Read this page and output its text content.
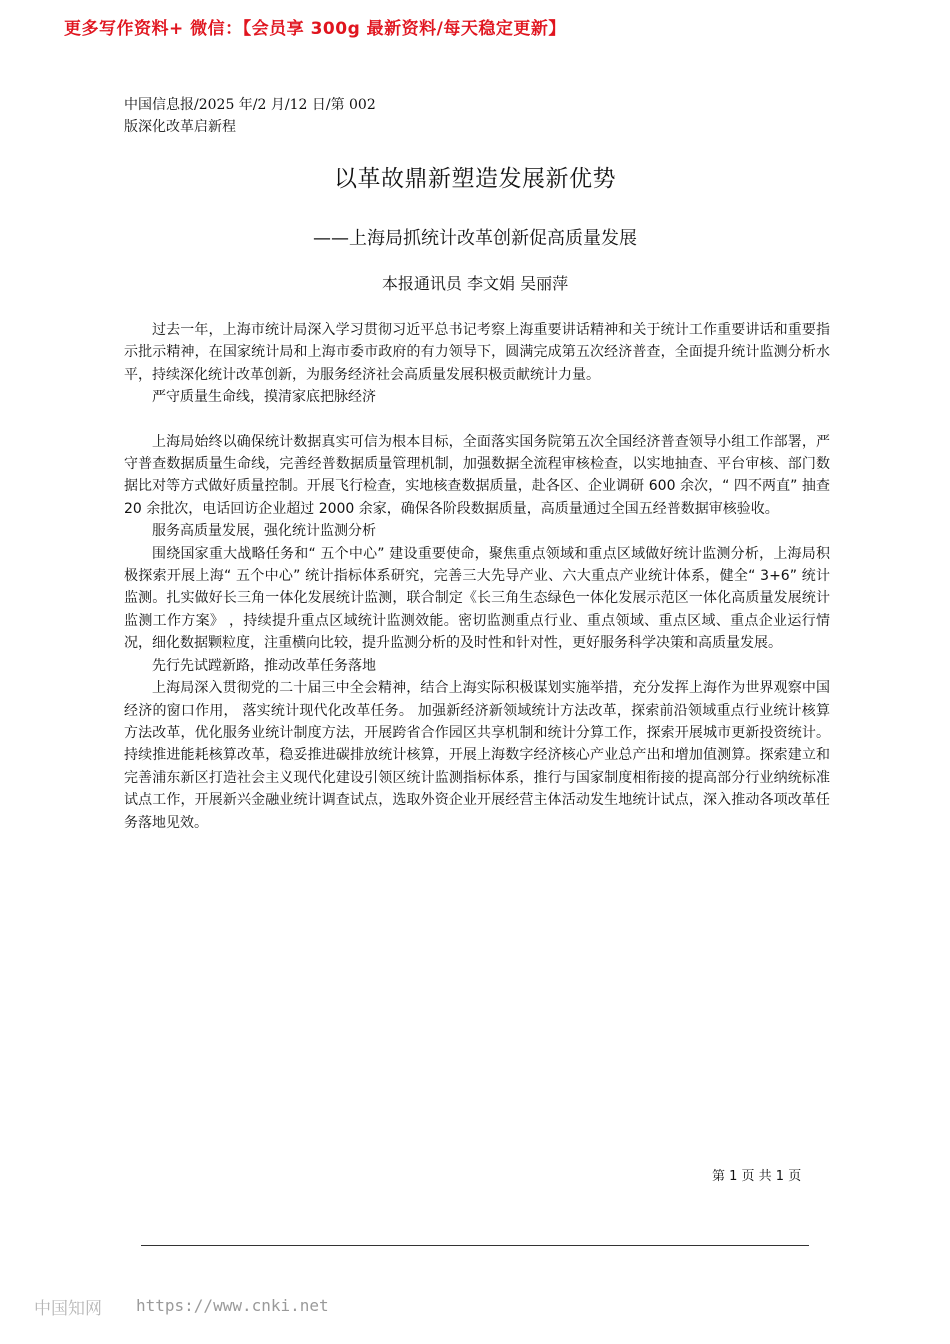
更多写作资料+ 微信：【会员享 300g 最新资料/每天稳定更新】
中国信息报/2025 年/2 月/12 日/第 002
版深化改革启新程
以革故鼎新塑造发展新优势
——上海局抓统计改革创新促高质量发展
本报通讯员 李文娟 吴丽萍

过去一年，上海市统计局深入学习贯彻习近平总书记考察上海重要讲话精神和关于统计工作重要讲话和重要指示批示精神，在国家统计局和上海市委市政府的有力领导下，圆满完成第五次经济普查，全面提升统计监测分析水平，持续深化统计改革创新，为服务经济社会高质量发展积极贡献统计力量。

严守质量生命线，摸清家底把脉经济

上海局始终以确保统计数据真实可信为根本目标，全面落实国务院第五次全国经济普查领导小组工作部署，严守普查数据质量生命线，完善经普数据质量管理机制，加强数据全流程审核检查，以实地抽查、平台审核、部门数据比对等方式做好质量控制。开展飞行检查，实地核查数据质量，赴各区、企业调研 600 余次，“ 四不两直” 抽查 20 余批次，电话回访企业超过 2000 余家，确保各阶段数据质量，高质量通过全国五经普数据审核验收。

服务高质量发展，强化统计监测分析

围绕国家重大战略任务和“ 五个中心” 建设重要使命，聚焦重点领域和重点区域做好统计监测分析，上海局积极探索开展上海“ 五个中心” 统计指标体系研究，完善三大先导产业、六大重点产业统计体系，健全“ 3+6” 统计监测。扎实做好长三角一体化发展统计监测，联合制定《长三角生态绿色一体化发展示范区一体化高质量发展统计监测工作方案》 ，持续提升重点区域统计监测效能。密切监测重点行业、重点领域、重点区域、重点企业运行情况，细化数据颗粒度，注重横向比较，提升监测分析的及时性和针对性，更好服务科学决策和高质量发展。

先行先试蹚新路，推动改革任务落地

上海局深入贯彻党的二十届三中全会精神，结合上海实际积极谋划实施举措，充分发挥上海作为世界观察中国经济的窗口作用， 落实统计现代化改革任务。 加强新经济新领域统计方法改革，探索前沿领域重点行业统计核算方法改革，优化服务业统计制度方法，开展跨省合作园区共享机制和统计分算工作，探索开展城市更新投资统计。持续推进能耗核算改革，稳妥推进碳排放统计核算，开展上海数字经济核心产业总产出和增加值测算。探索建立和完善浦东新区打造社会主义现代化建设引领区统计监测指标体系，推行与国家制度相衔接的提高部分行业纳统标准试点工作，开展新兴金融业统计调查试点，选取外资企业开展经营主体活动发生地统计试点，深入推动各项改革任务落地见效。

第 1 页 共 1 页
中国知网 https://www.cnki.net
